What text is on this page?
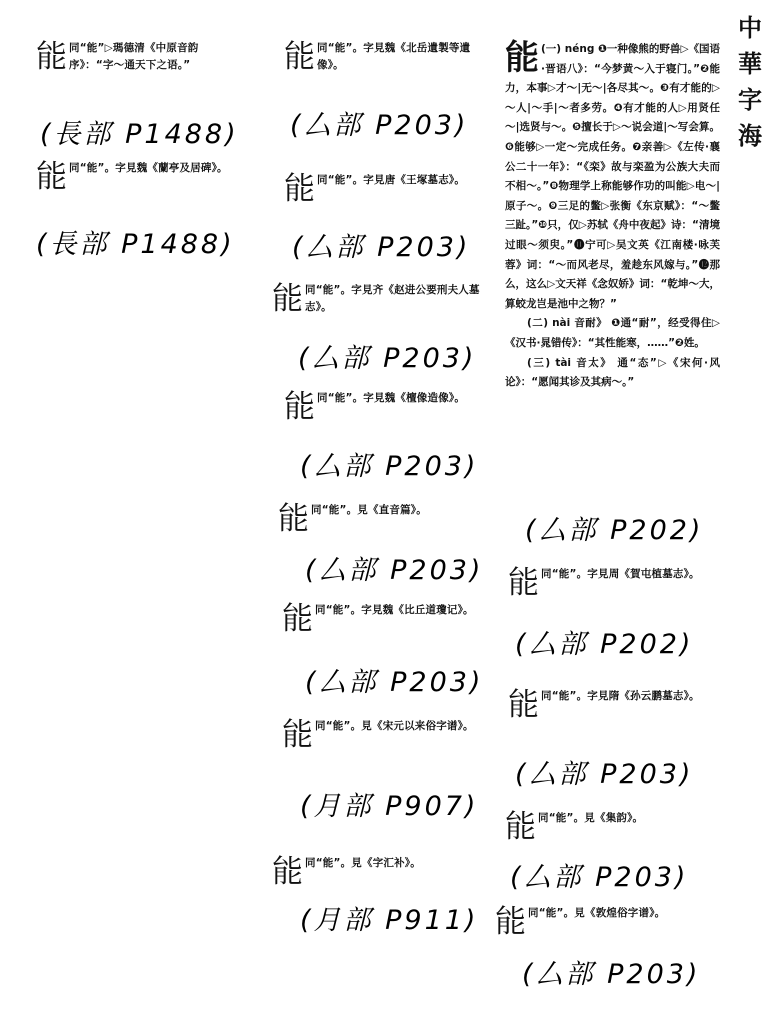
中
華
字
海
能 同“能”▷瑪德清《中原音韵序》：“字～通天下之语。”
(長部 P1488)
能 同“能”。字見魏《蘭亭及居碑》。
(長部 P1488)
能 同“能”。字見魏《北岳遺製等遺像》。
(厶部 P203)
能 同“能”。字見唐《王塚墓志》。
(厶部 P203)
能 同“能”。字見齐《赵进公要刑夫人墓志》。
(厶部 P203)
能 同“能”。字見魏《檀像造像》。
(厶部 P203)
能 同“能”。見《直音篇》。
(厶部 P203)
能 同“能”。字見魏《比丘道瓊记》。
(厶部 P203)
能 同“能”。見《宋元以来俗字谱》。
(月部 P907)
能 同“能”。見《字汇补》。
(月部 P911)
能 (一) néng ❶一种像熊的野兽▷《国语·晋语八》：“今梦黄～入于寝门。”❷能力，本事▷才～|无～|各尽其～。❸有才能的▷～人|～手|～者多劳。❹有才能的人▷用贤任～|选贤与～。❺擅长于▷～说会道|～写会算。❻能够▷一定～完成任务。❼亲善▷《左传·襄公二十一年》：“《栾》故与栾盈为公族大夫而不相～。”❽物理学上称能够作功的叫能▷电～|原子～。❾三足的鳖▷张衡《东京赋》：“～鳖三趾。”❿只，仅▷苏轼《舟中夜起》诗：“清境过眼～须臾。”⓫宁可▷吴文英《江南楼·咏芙蓉》词：“～而风老尽，羞趁东风嫁与。”⓬那么，这么▷文天祥《念奴娇》词：“乾坤～大，算蛟龙岂是池中之物？”
(二) nài 音耐》 ❶通“耐”，经受得住▷《汉书·晁错传》：“其性能寒，……”❷姓。
(三) tài 音太》 通“态”▷《宋何·风论》：“愿闻其诊及其病～。”
(厶部 P202)
能 同“能”。字見周《賀屯植墓志》。
(厶部 P202)
能 同“能”。字見隋《孙云鹏墓志》。
(厶部 P203)
能 同“能”。見《集韵》。
(厶部 P203)
能 同“能”。見《敦煌俗字谱》。
(厶部 P203)
